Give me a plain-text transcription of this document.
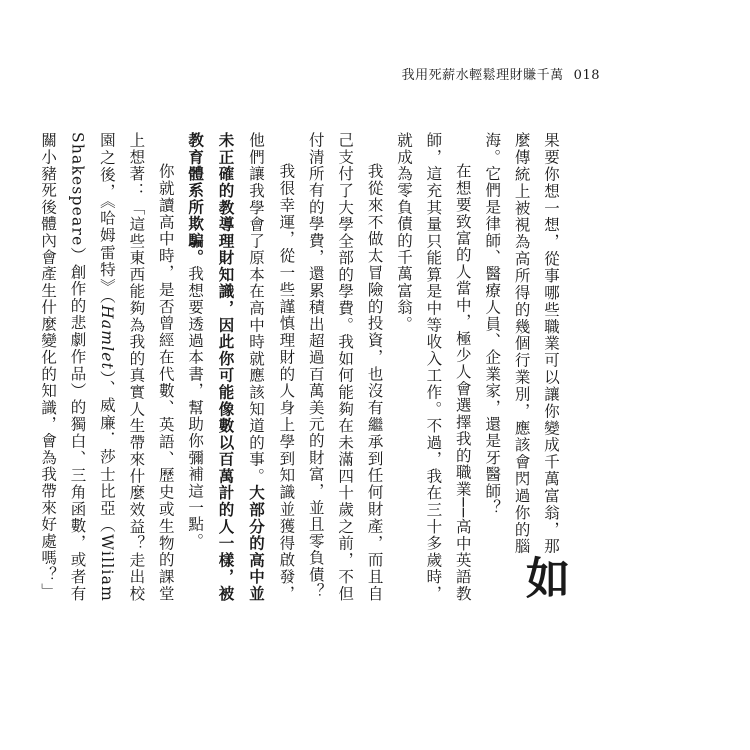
我用死薪水輕鬆理財賺千萬 018

如
果要你想一想，從事哪些職業可以讓你變成千萬富翁，那麼傳統上被視為高所得的幾個行業別，應該會閃過你的腦海。它們是律師、醫療人員、企業家，還是牙醫師？

在想要致富的人當中，極少人會選擇我的職業──高中英語教師，這充其量只能算是中等收入工作。不過，我在三十多歲時，就成為零負債的千萬富翁。

我從來不做太冒險的投資，也沒有繼承到任何財產，而且自己支付了大學全部的學費。我如何能夠在未滿四十歲之前，不但付清所有的學費，還累積出超過百萬美元的財富，並且零負債？

我很幸運，從一些謹慎理財的人身上學到知識並獲得啟發，他們讓我學會了原本在高中時就應該知道的事。大部分的高中並未正確的教導理財知識，因此你可能像數以百萬計的人一樣，被教育體系所欺騙。我想要透過本書，幫助你彌補這一點。

你就讀高中時，是否曾經在代數、英語、歷史或生物的課堂上想著：「這些東西能夠為我的真實人生帶來什麼效益？走出校園之後，《哈姆雷特》（Hamlet）、威廉．莎士比亞（William Shakespeare）創作的悲劇作品）的獨白、三角函數，或者有關小豬死後體內會產生什麼變化的知識，會為我帶來好處嗎？」
